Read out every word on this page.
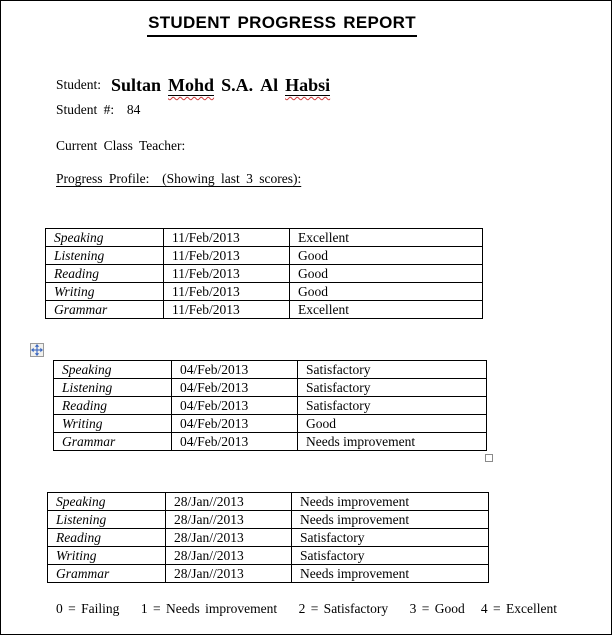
STUDENT PROGRESS REPORT
Student: Sultan Mohd S.A. Al Habsi
Student #: 84
Current Class Teacher:
Progress Profile:  (Showing last 3 scores):
Speaking	11/Feb/2013	Excellent
Listening	11/Feb/2013	Good
Reading	11/Feb/2013	Good
Writing	11/Feb/2013	Good
Grammar	11/Feb/2013	Excellent
Speaking	04/Feb/2013	Satisfactory
Listening	04/Feb/2013	Satisfactory
Reading	04/Feb/2013	Satisfactory
Writing	04/Feb/2013	Good
Grammar	04/Feb/2013	Needs improvement
Speaking	28/Jan//2013	Needs improvement
Listening	28/Jan//2013	Needs improvement
Reading	28/Jan//2013	Satisfactory
Writing	28/Jan//2013	Satisfactory
Grammar	28/Jan//2013	Needs improvement
0 = Failing    1 = Needs improvement    2 = Satisfactory    3 = Good   4 = Excellent
